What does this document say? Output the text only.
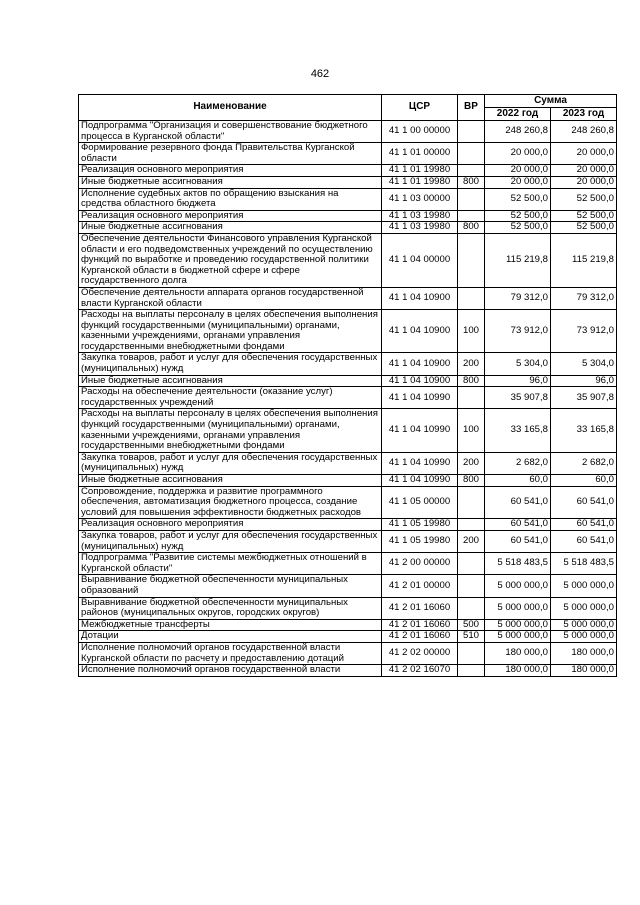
462
Наименование	ЦСР	ВР	Сумма	
			2022 год	2023 год
Подпрограмма "Организация и совершенствование бюджетного процесса в Курганской области"	41 1 00 00000		248 260,8	248 260,8
Формирование резервного фонда Правительства Курганской области	41 1 01 00000		20 000,0	20 000,0
Реализация основного мероприятия	41 1 01 19980		20 000,0	20 000,0
Иные бюджетные ассигнования	41 1 01 19980	800	20 000,0	20 000,0
Исполнение судебных актов по обращению взыскания на средства областного бюджета	41 1 03 00000		52 500,0	52 500,0
Реализация основного мероприятия	41 1 03 19980		52 500,0	52 500,0
Иные бюджетные ассигнования	41 1 03 19980	800	52 500,0	52 500,0
Обеспечение деятельности Финансового управления Курганской области и его подведомственных учреждений по осуществлению функций по выработке и проведению государственной политики Курганской области в бюджетной сфере и сфере государственного долга	41 1 04 00000		115 219,8	115 219,8
Обеспечение деятельности аппарата органов государственной власти Курганской области	41 1 04 10900		79 312,0	79 312,0
Расходы на выплаты персоналу в целях обеспечения выполнения функций государственными (муниципальными) органами, казенными учреждениями, органами управления государственными внебюджетными фондами	41 1 04 10900	100	73 912,0	73 912,0
Закупка товаров, работ и услуг для обеспечения государственных (муниципальных) нужд	41 1 04 10900	200	5 304,0	5 304,0
Иные бюджетные ассигнования	41 1 04 10900	800	96,0	96,0
Расходы на обеспечение деятельности (оказание услуг) государственных учреждений	41 1 04 10990		35 907,8	35 907,8
Расходы на выплаты персоналу в целях обеспечения выполнения функций государственными (муниципальными) органами, казенными учреждениями, органами управления государственными внебюджетными фондами	41 1 04 10990	100	33 165,8	33 165,8
Закупка товаров, работ и услуг для обеспечения государственных (муниципальных) нужд	41 1 04 10990	200	2 682,0	2 682,0
Иные бюджетные ассигнования	41 1 04 10990	800	60,0	60,0
Сопровождение, поддержка и развитие программного обеспечения, автоматизация бюджетного процесса, создание условий для повышения эффективности бюджетных расходов	41 1 05 00000		60 541,0	60 541,0
Реализация основного мероприятия	41 1 05 19980		60 541,0	60 541,0
Закупка товаров, работ и услуг для обеспечения государственных (муниципальных) нужд	41 1 05 19980	200	60 541,0	60 541,0
Подпрограмма "Развитие системы межбюджетных отношений в Курганской области"	41 2 00 00000		5 518 483,5	5 518 483,5
Выравнивание бюджетной обеспеченности муниципальных образований	41 2 01 00000		5 000 000,0	5 000 000,0
Выравнивание бюджетной обеспеченности муниципальных районов (муниципальных округов, городских округов)	41 2 01 16060		5 000 000,0	5 000 000,0
Межбюджетные трансферты	41 2 01 16060	500	5 000 000,0	5 000 000,0
Дотации	41 2 01 16060	510	5 000 000,0	5 000 000,0
Исполнение полномочий органов государственной власти Курганской области по расчету и предоставлению дотаций	41 2 02 00000		180 000,0	180 000,0
Исполнение полномочий органов государственной власти	41 2 02 16070		180 000,0	180 000,0
